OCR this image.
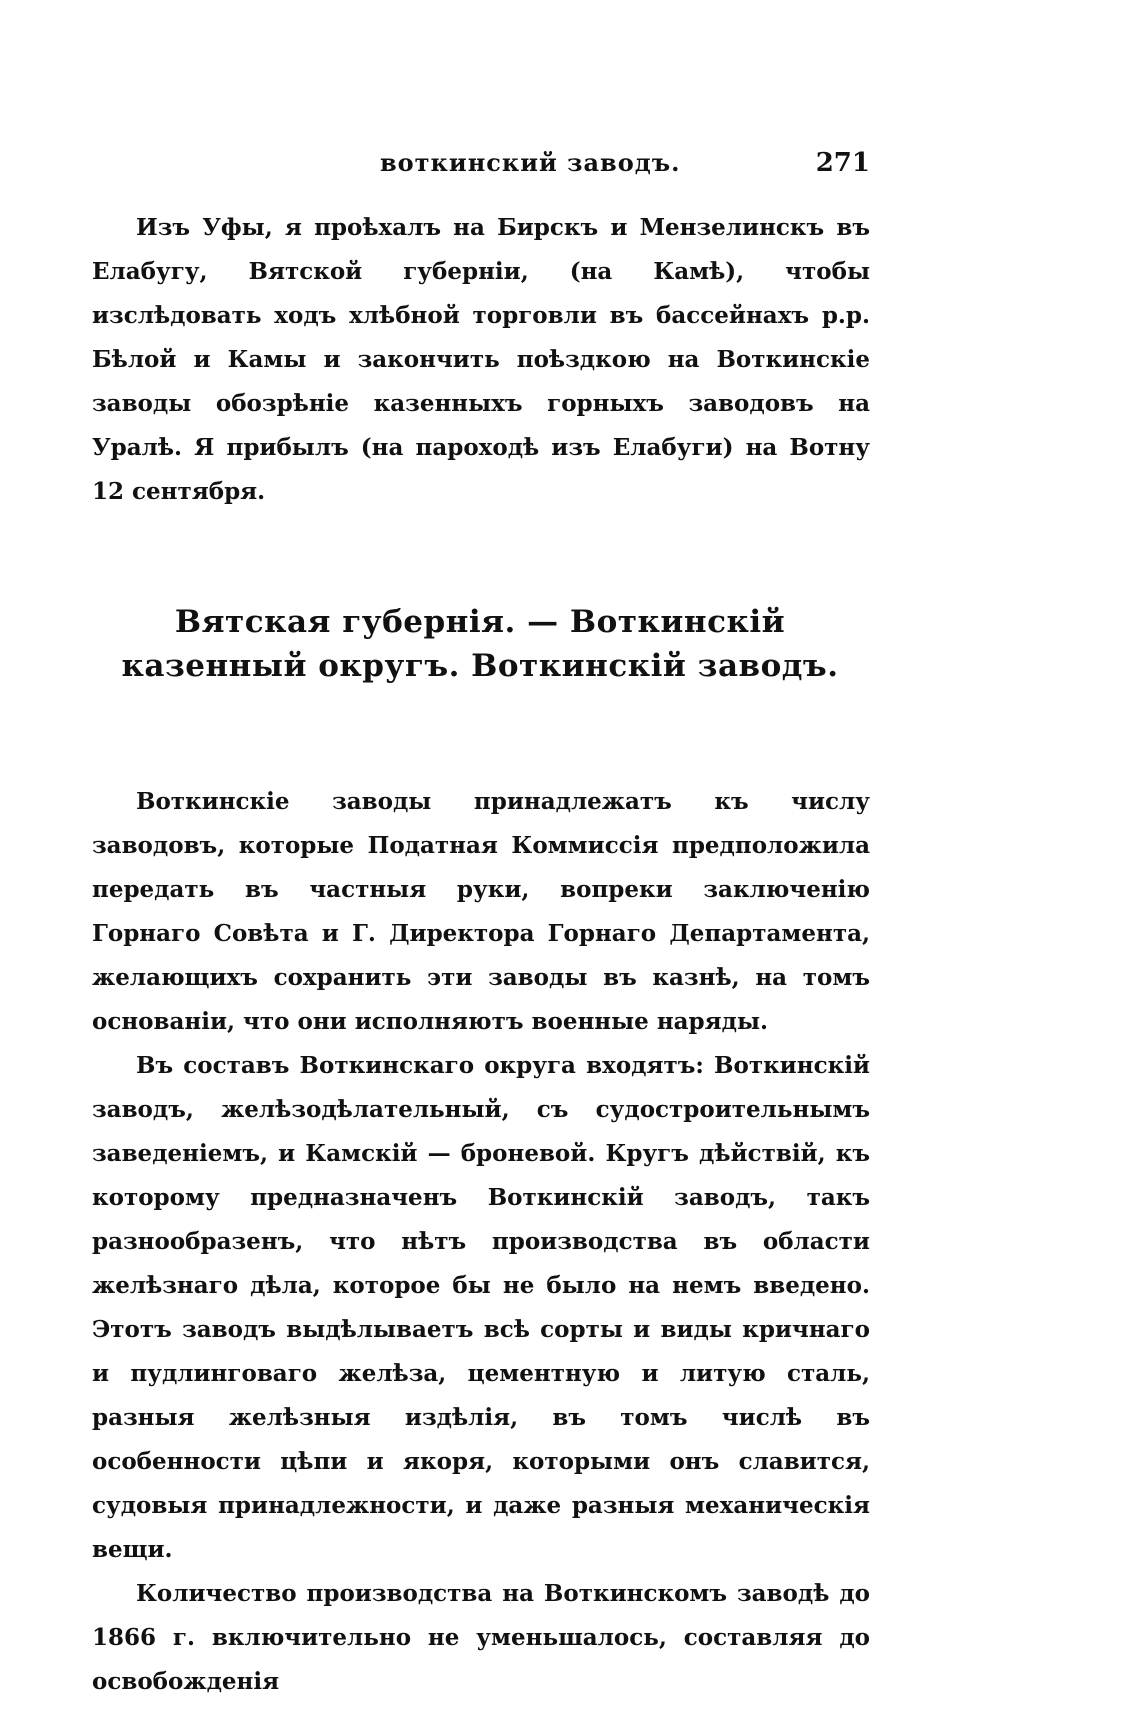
воткинский заводъ.	271

Изъ Уфы, я проѣхалъ на Бирскъ и Мензелинскъ въ Елабугу, Вятской губерніи, (на Камѣ), чтобы изслѣдовать ходъ хлѣбной торговли въ бассейнахъ р.р. Бѣлой и Камы и закончить поѣздкою на Воткинскіе заводы обозрѣніе казенныхъ горныхъ заводовъ на Уралѣ. Я прибылъ (на пароходѣ изъ Елабуги) на Вотну 12 сентября.

Вятская губернія. — Воткинскій казенный округъ. Воткинскій заводъ.

Воткинскіе заводы принадлежатъ къ числу заводовъ, которые Податная Коммиссія предположила передать въ частныя руки, вопреки заключенію Горнаго Совѣта и Г. Директора Горнаго Департамента, желающихъ сохранить эти заводы въ казнѣ, на томъ основаніи, что они исполняютъ военные наряды.

Въ составъ Воткинскаго округа входятъ: Воткинскій заводъ, желѣзодѣлательный, съ судостроительнымъ заведеніемъ, и Камскій — броневой. Кругъ дѣйствій, къ которому предназначенъ Воткинскій заводъ, такъ разнообразенъ, что нѣтъ производства въ области желѣзнаго дѣла, которое бы не было на немъ введено. Этотъ заводъ выдѣлываетъ всѣ сорты и виды кричнаго и пудлинговаго желѣза, цементную и литую сталь, разныя желѣзныя издѣлія, въ томъ числѣ въ особенности цѣпи и якоря, которыми онъ славится, судовыя принадлежности, и даже разныя механическія вещи.

Количество производства на Воткинскомъ заводѣ до 1866 г. включительно не уменьшалось, составляя до освобожденія
